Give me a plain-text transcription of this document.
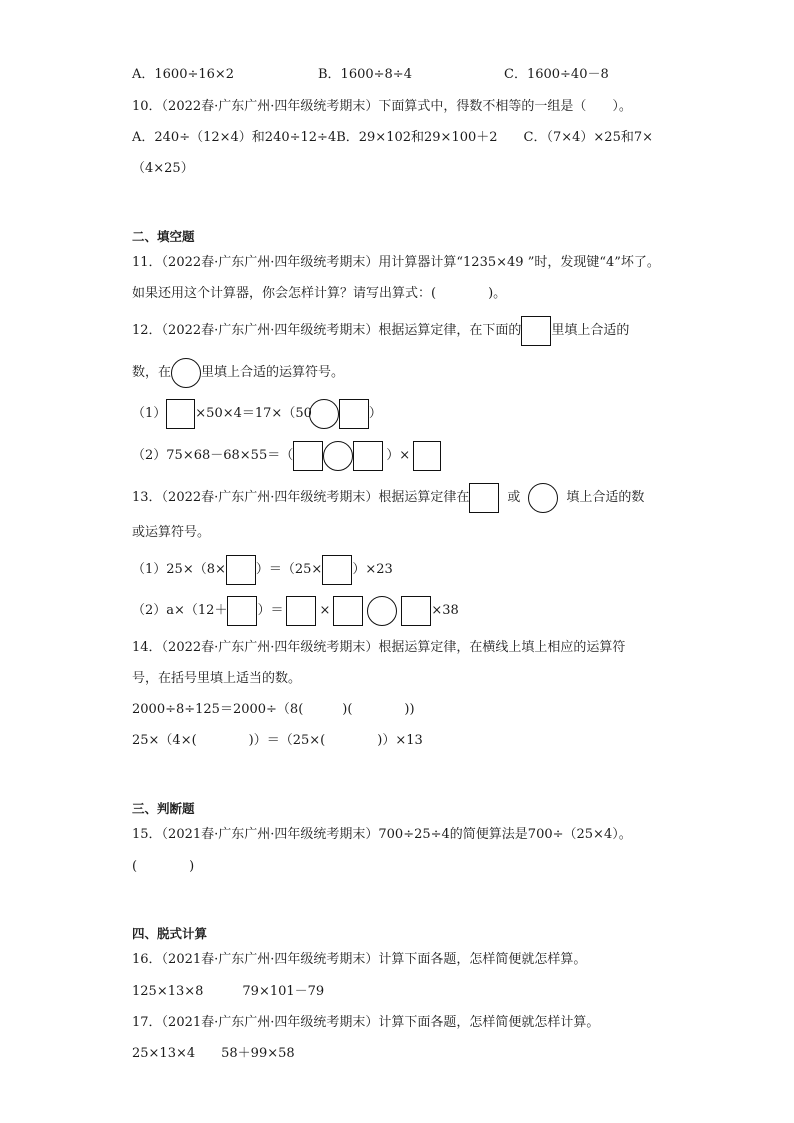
A．1600÷16×2	B．1600÷8÷4	C．1600÷40－8
10．（2022春·广东广州·四年级统考期末）下面算式中，得数不相等的一组是（　　）。
A．240÷（12×4）和240÷12÷4B．29×102和29×100＋2　　C．（7×4）×25和7×
（4×25）
二、填空题
11．（2022春·广东广州·四年级统考期末）用计算器计算“1235×49 ”时，发现键“4”坏了。
如果还用这个计算器，你会怎样计算？请写出算式：(　　　　)。
12．（2022春·广东广州·四年级统考期末）根据运算定律，在下面的 里填上合适的
数，在 里填上合适的运算符号。
（1） ×50×4＝17×（50	）
（2）75×68－68×55＝（	）×
13．（2022春·广东广州·四年级统考期末）根据运算定律在	或	填上合适的数
或运算符号。
（1）25×（8× ）＝（25× ）×23
（2）a×（12＋ ）＝	×	×38
14．（2022春·广东广州·四年级统考期末）根据运算定律，在横线上填上相应的运算符
号，在括号里填上适当的数。
2000÷8÷125＝2000÷（8(　　　)(　　　　))
25×（4×(　　　　)）＝（25×(　　　　)）×13
三、判断题
15．（2021春·广东广州·四年级统考期末）700÷25÷4的简便算法是700÷（25×4）。
(　　　　)
四、脱式计算
16．（2021春·广东广州·四年级统考期末）计算下面各题，怎样简便就怎样算。
125×13×8　　　79×101－79
17．（2021春·广东广州·四年级统考期末）计算下面各题，怎样简便就怎样计算。
25×13×4　　58＋99×58
